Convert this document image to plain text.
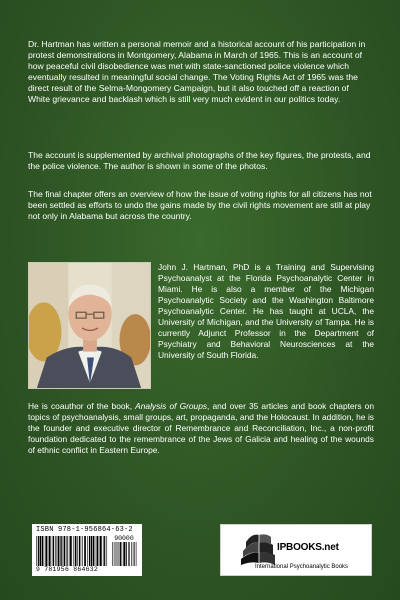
Dr. Hartman has written a personal memoir and a historical account of his participation in protest demonstrations in Montgomery, Alabama in March of 1965. This is an account of how peaceful civil disobedience was met with state-sanctioned police violence which eventually resulted in meaningful social change. The Voting Rights Act of 1965 was the direct result of the Selma-Mongomery Campaign, but it also touched off a reaction of White grievance and backlash which is still very much evident in our politics today.

The account is supplemented by archival photographs of the key figures, the protests, and the police violence. The author is shown in some of the photos.

The final chapter offers an overview of how the issue of voting rights for all citizens has not been settled as efforts to undo the gains made by the civil rights movement are still at play not only in Alabama but across the country.

John J. Hartman, PhD is a Training and Supervising Psychoanalyst at the Florida Psychoanalytic Center in Miami. He is also a member of the Michigan Psychoanalytic Society and the Washington Baltimore Psychoanalytic Center. He has taught at UCLA, the University of Michigan, and the University of Tampa. He is currently Adjunct Professor in the Department of Psychiatry and Behavioral Neurosciences at the University of South Florida.

He is coauthor of the book, Analysis of Groups, and over 35 articles and book chapters on topics of psychoanalysis, small groups, art, propaganda, and the Holocaust. In addition, he is the founder and executive director of Remembrance and Reconciliation, Inc., a non-profit foundation dedicated to the remembrance of the Jews of Galicia and healing of the wounds of ethnic conflict in Eastern Europe.

ISBN 978-1-956864-63-2
90000
9 781956 864632
IPBOOKS.net
International Psychoanalytic Books
